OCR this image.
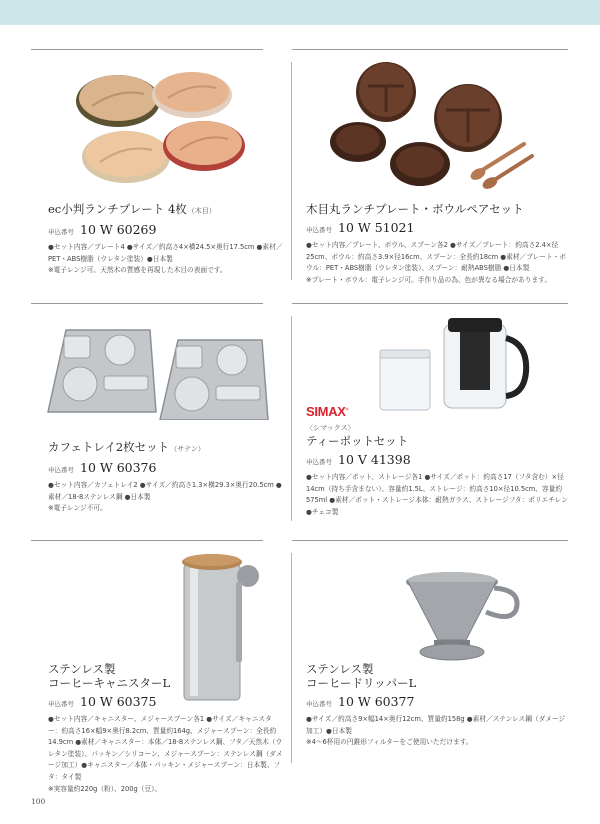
ec小判ランチプレート 4枚（木目）
申込番号 10 W 60269
●セット内容／プレート4 ●サイズ／約高さ4×横24.5×奥行17.5cm ●素材／PET・ABS樹脂（ウレタン塗装）●日本製
※電子レンジ可。天然木の質感を再現した木目の表面です。
木目丸ランチプレート・ボウルペアセット
申込番号 10 W 51021
●セット内容／プレート、ボウル、スプーン各2 ●サイズ／プレート：約高さ2.4×径25cm、ボウル：約高さ3.9×径16cm、スプーン：全長約18cm ●素材／プレート・ボウル：PET・ABS樹脂（ウレタン塗装）、スプーン：耐熱ABS樹脂 ●日本製
※プレート・ボウル：電子レンジ可。手作り品の為、色が異なる場合があります。
カフェトレイ2枚セット（サテン）
申込番号 10 W 60376
●セット内容／カフェトレイ2 ●サイズ／約高さ1.3×横29.3×奥行20.5cm ●素材／18-8ステンレス鋼 ●日本製
※電子レンジ不可。
SIMAX®
〈シマックス〉
ティーポットセット
申込番号 10 V 41398
●セット内容／ポット、ストレージ各1 ●サイズ／ポット：約高さ17（フタ含む）×径14cm（持ち手含まない）、容量約1.5L、ストレージ：約高さ10×径10.5cm、容量約575ml ●素材／ポット・ストレージ本体：耐熱ガラス、ストレージフタ：ポリエチレン ●チェコ製
ステンレス製
コーヒーキャニスターL
申込番号 10 W 60375
●セット内容／キャニスター、メジャースプーン各1 ●サイズ／キャニスター：約高さ16×幅9×奥行8.2cm、質量約164g、メジャースプーン：全長約14.9cm ●素材／キャニスター：本体／18-8ステンレス鋼、フタ／天然木（ウレタン塗装）、パッキン／シリコーン、メジャースプーン：ステンレス鋼（ダメージ加工）●キャニスター／本体・パッキン・メジャースプーン：日本製、フタ：タイ製
※実容量約220g（粉）、200g（豆）。
ステンレス製
コーヒードリッパーL
申込番号 10 W 60377
●サイズ／約高さ9×幅14×奥行12cm、質量約158g ●素材／ステンレス鋼（ダメージ加工）●日本製
※4〜6杯用の円錐形フィルターをご使用いただけます。
100
